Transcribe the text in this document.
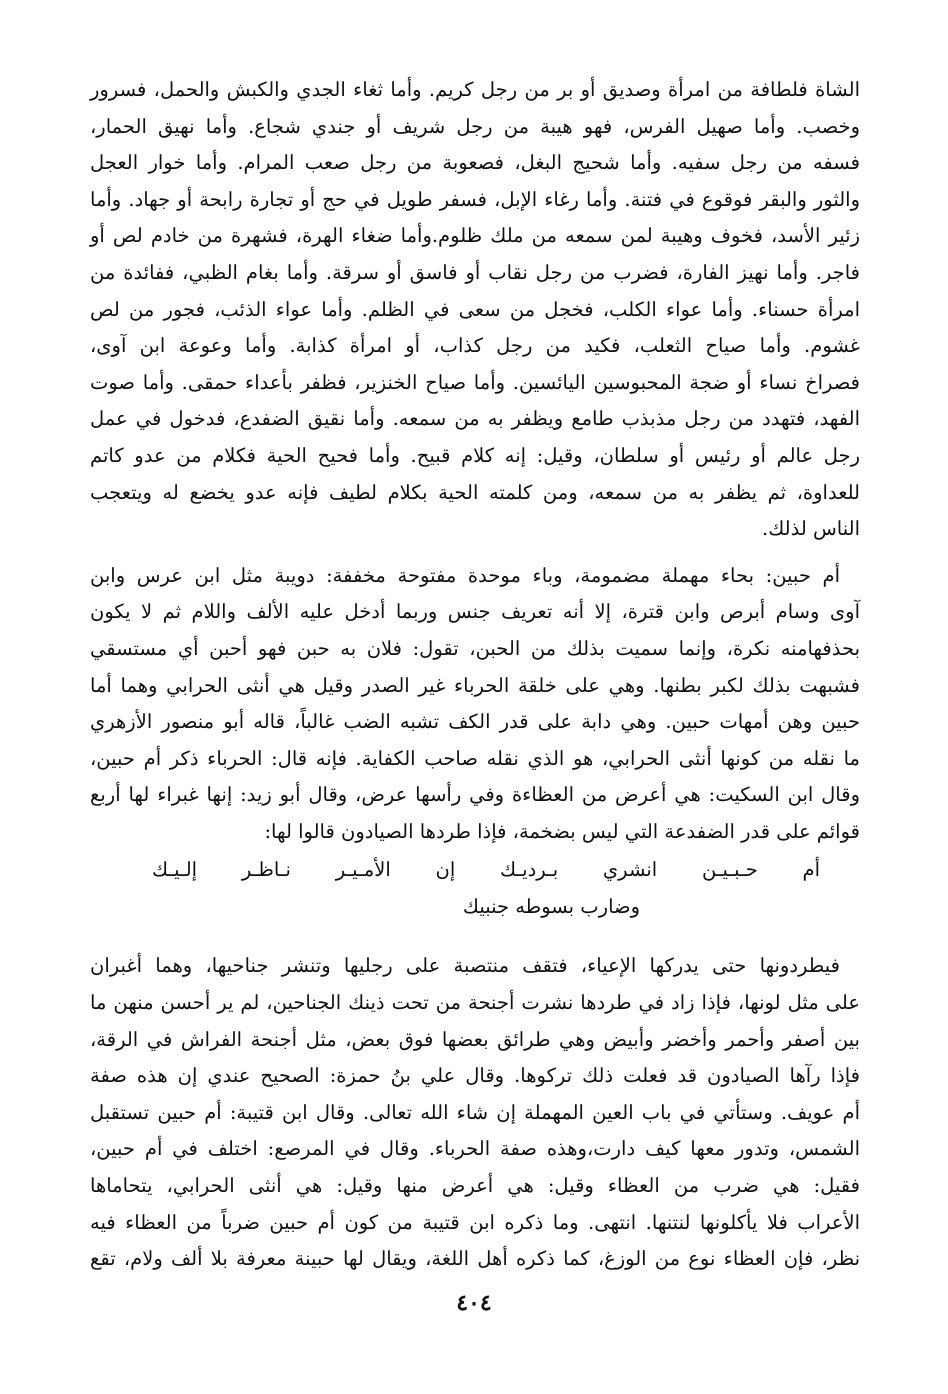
الشاة فلطافة من امرأة وصديق أو بر من رجل كريم. وأما ثغاء الجدي والكبش والحمل، فسرور
وخصب. وأما صهيل الفرس، فهو هيبة من رجل شريف أو جندي شجاع. وأما نهيق الحمار،
فسفه من رجل سفيه. وأما شحيج البغل، فصعوبة من رجل صعب المرام. وأما خوار العجل
والثور والبقر فوقوع في فتنة. وأما رغاء الإبل، فسفر طويل في حج أو تجارة رابحة أو جهاد. وأما
زئير الأسد، فخوف وهيبة لمن سمعه من ملك ظلوم.وأما ضغاء الهرة، فشهرة من خادم لص أو
فاجر. وأما نهيز الفارة، فضرب من رجل نقاب أو فاسق أو سرقة. وأما بغام الظبي، ففائدة من
امرأة حسناء. وأما عواء الكلب، فخجل من سعى في الظلم. وأما عواء الذئب، فجور من لص
غشوم. وأما صياح الثعلب، فكيد من رجل كذاب، أو امرأة كذابة. وأما وعوعة ابن آوى،
فصراخ نساء أو ضجة المحبوسين اليائسين. وأما صياح الخنزير، فظفر بأعداء حمقى. وأما صوت
الفهد، فتهدد من رجل مذبذب طامع ويظفر به من سمعه. وأما نقيق الضفدع، فدخول في عمل
رجل عالم أو رئيس أو سلطان، وقيل: إنه كلام قبيح. وأما فحيح الحية فكلام من عدو كاتم
للعداوة، ثم يظفر به من سمعه، ومن كلمته الحية بكلام لطيف فإنه عدو يخضع له ويتعجب
الناس لذلك.

أم حبين: بحاء مهملة مضمومة، وباء موحدة مفتوحة مخففة: دويبة مثل ابن عرس وابن
آوى وسام أبرص وابن قترة، إلا أنه تعريف جنس وربما أدخل عليه الألف واللام ثم لا يكون
بحذفهامنه نكرة، وإنما سميت بذلك من الحبن، تقول: فلان به حبن فهو أحبن أي مستسقي
فشبهت بذلك لكبر بطنها. وهي على خلقة الحرباء غير الصدر وقيل هي أنثى الحرابي وهما أما
حبين وهن أمهات حبين. وهي دابة على قدر الكف تشبه الضب غالباً، قاله أبو منصور الأزهري
ما نقله من كونها أنثى الحرابي، هو الذي نقله صاحب الكفاية. فإنه قال: الحرباء ذكر أم حبين،
وقال ابن السكيت: هي أعرض من العظاءة وفي رأسها عرض، وقال أبو زيد: إنها غبراء لها أربع
قوائم على قدر الضفدعة التي ليس بضخمة، فإذا طردها الصيادون قالوا لها:

أم
حـبـيـن
انشري
بـرديـك
إن
الأمـيـر
نـاظـر
إلـيـك
وضارب بسوطه جنبيك

فيطردونها حتى يدركها الإعياء، فتقف منتصبة على رجليها وتنشر جناحيها، وهما أغبران
على مثل لونها، فإذا زاد في طردها نشرت أجنحة من تحت ذينك الجناحين، لم ير أحسن منهن ما
بين أصفر وأحمر وأخضر وأبيض وهي طرائق بعضها فوق بعض، مثل أجنحة الفراش في الرقة،
فإذا رآها الصيادون قد فعلت ذلك تركوها. وقال علي بنُ حمزة: الصحيح عندي إن هذه صفة
أم عويف. وستأتي في باب العين المهملة إن شاء الله تعالى. وقال ابن قتيبة: أم حبين تستقبل
الشمس، وتدور معها كيف دارت،وهذه صفة الحرباء. وقال في المرصع: اختلف في أم حبين،
فقيل: هي ضرب من العظاء وقيل: هي أعرض منها وقيل: هي أنثى الحرابي، يتحاماها
الأعراب فلا يأكلونها لنتنها. انتهى. وما ذكره ابن قتيبة من كون أم حبين ضرباً من العظاء فيه
نظر، فإن العظاء نوع من الوزغ، كما ذكره أهل اللغة، ويقال لها حبينة معرفة بلا ألف ولام، تقع

٤٠٤
